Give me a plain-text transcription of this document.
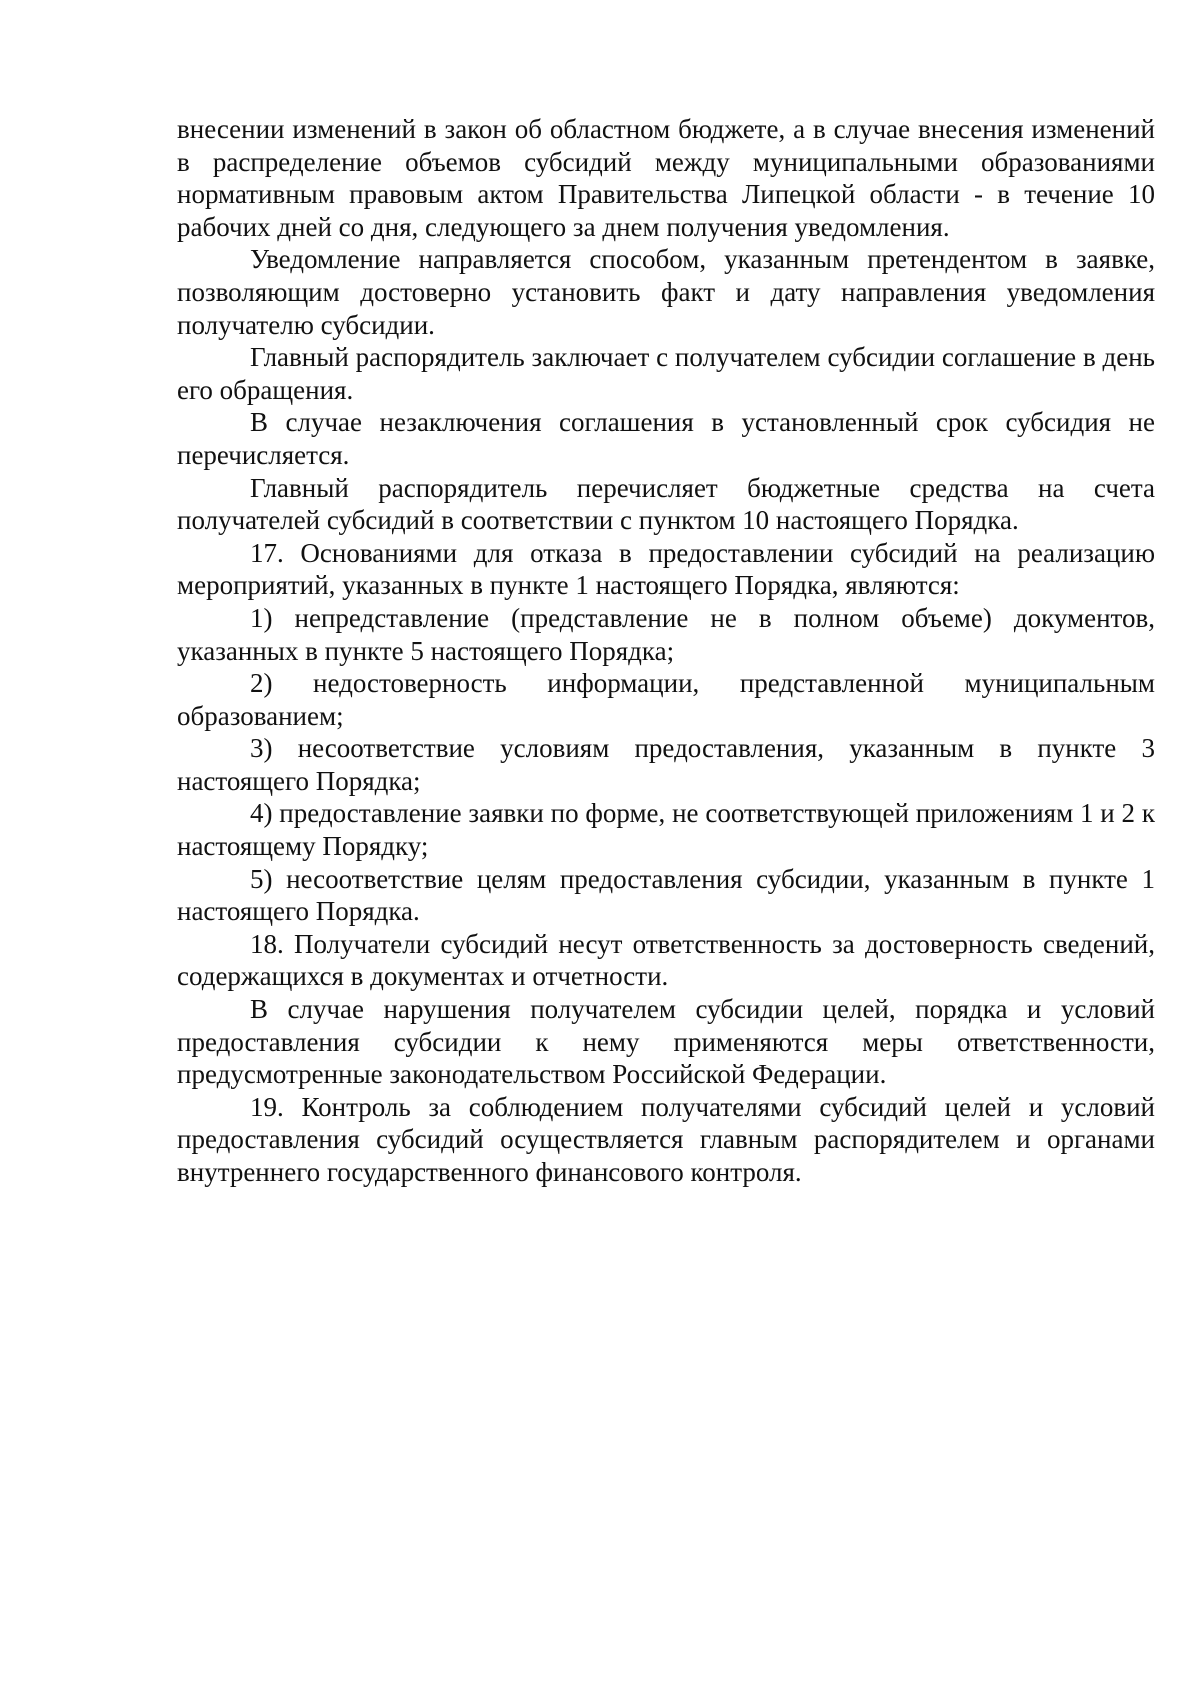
внесении изменений в закон об областном бюджете, а в случае внесения изменений в распределение объемов субсидий между муниципальными образованиями нормативным правовым актом Правительства Липецкой области - в течение 10 рабочих дней со дня, следующего за днем получения уведомления.

Уведомление направляется способом, указанным претендентом в заявке, позволяющим достоверно установить факт и дату направления уведомления получателю субсидии.

Главный распорядитель заключает с получателем субсидии соглашение в день его обращения.

В случае незаключения соглашения в установленный срок субсидия не перечисляется.

Главный распорядитель перечисляет бюджетные средства на счета получателей субсидий в соответствии с пунктом 10 настоящего Порядка.

17. Основаниями для отказа в предоставлении субсидий на реализацию мероприятий, указанных в пункте 1 настоящего Порядка, являются:

1) непредставление (представление не в полном объеме) документов, указанных в пункте 5 настоящего Порядка;

2) недостоверность информации, представленной муниципальным образованием;

3) несоответствие условиям предоставления, указанным в пункте 3 настоящего Порядка;

4) предоставление заявки по форме, не соответствующей приложениям 1 и 2 к настоящему Порядку;

5) несоответствие целям предоставления субсидии, указанным в пункте 1 настоящего Порядка.

18. Получатели субсидий несут ответственность за достоверность сведений, содержащихся в документах и отчетности.

В случае нарушения получателем субсидии целей, порядка и условий предоставления субсидии к нему применяются меры ответственности, предусмотренные законодательством Российской Федерации.

19. Контроль за соблюдением получателями субсидий целей и условий предоставления субсидий осуществляется главным распорядителем и органами внутреннего государственного финансового контроля.
